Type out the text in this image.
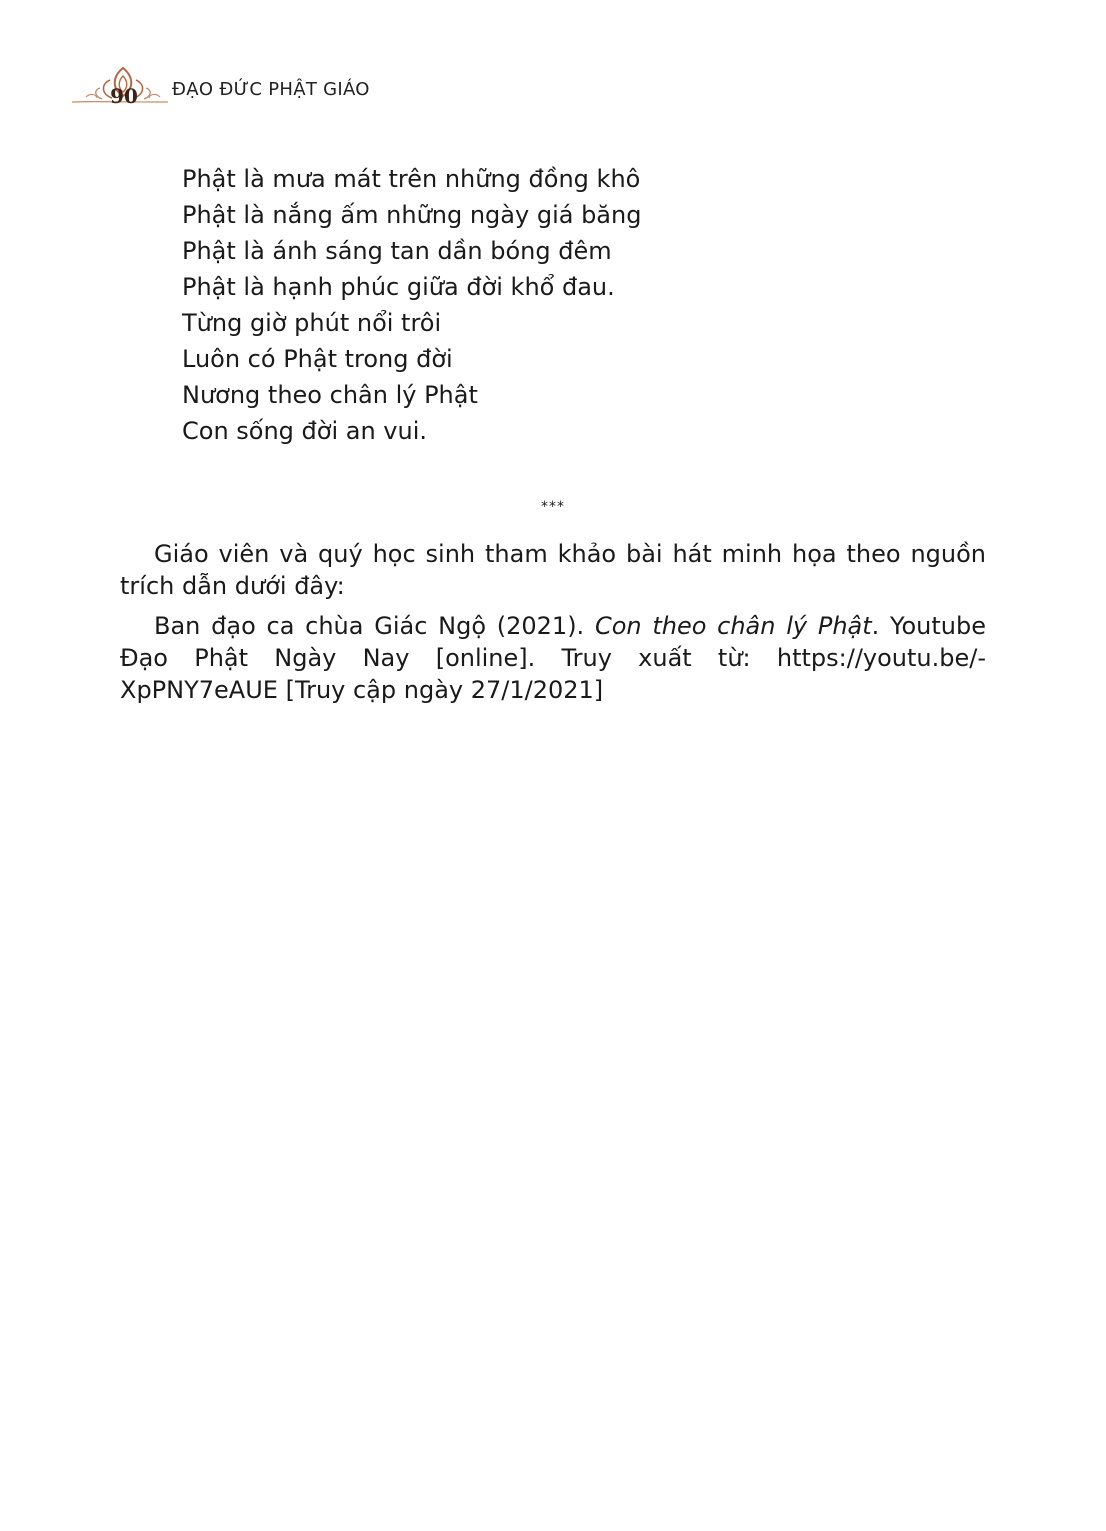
90 ĐẠO ĐỨC PHẬT GIÁO
Phật là mưa mát trên những đồng khô
Phật là nắng ấm những ngày giá băng
Phật là ánh sáng tan dần bóng đêm
Phật là hạnh phúc giữa đời khổ đau.
Từng giờ phút nổi trôi
Luôn có Phật trong đời
Nương theo chân lý Phật
Con sống đời an vui.
***

Giáo viên và quý học sinh tham khảo bài hát minh họa theo nguồn trích dẫn dưới đây:

Ban đạo ca chùa Giác Ngộ (2021). Con theo chân lý Phật. Youtube Đạo Phật Ngày Nay [online]. Truy xuất từ: https://youtu.be/-XpPNY7eAUE [Truy cập ngày 27/1/2021]
